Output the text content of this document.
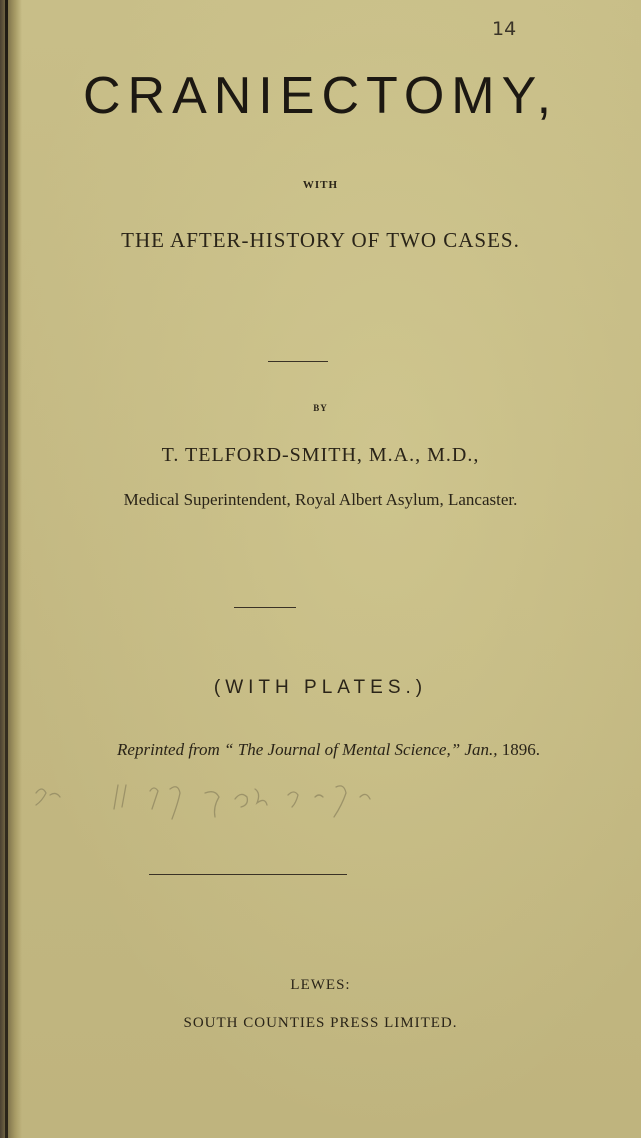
14
CRANIECTOMY,
WITH
THE AFTER-HISTORY OF TWO CASES.
BY
T. TELFORD-SMITH, M.A., M.D.,
Medical Superintendent, Royal Albert Asylum, Lancaster.
(WITH PLATES.)
Reprinted from “ The Journal of Mental Science,” Jan., 1896.
LEWES:
SOUTH COUNTIES PRESS LIMITED.
